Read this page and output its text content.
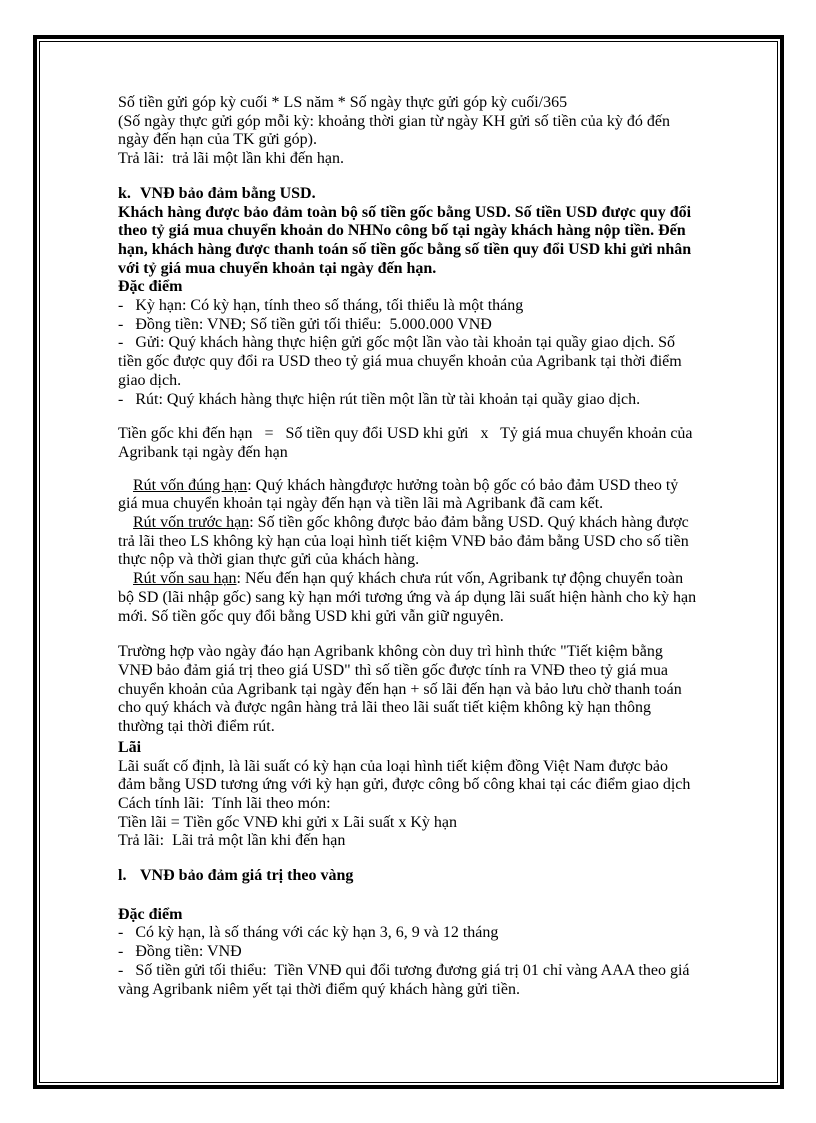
Số tiền gửi góp kỳ cuối * LS năm * Số ngày thực gửi góp kỳ cuối/365

(Số ngày thực gửi góp mỗi kỳ: khoảng thời gian từ ngày KH gửi số tiền của kỳ đó đến ngày đến hạn của TK gửi góp).

Trả lãi:  trả lãi một lần khi đến hạn.

k. VNĐ bảo đảm bằng USD.

Khách hàng được bảo đảm toàn bộ số tiền gốc bằng USD. Số tiền USD được quy đổi theo tỷ giá mua chuyển khoản do NHNo công bố tại ngày khách hàng nộp tiền. Đến hạn, khách hàng được thanh toán số tiền gốc bằng số tiền quy đổi USD khi gửi nhân với tỷ giá mua chuyển khoản tại ngày đến hạn.

Đặc điểm

-   Kỳ hạn: Có kỳ hạn, tính theo số tháng, tối thiểu là một tháng

-   Đồng tiền: VNĐ; Số tiền gửi tối thiểu:  5.000.000 VNĐ

-   Gửi: Quý khách hàng thực hiện gửi gốc một lần vào tài khoản tại quầy giao dịch. Số tiền gốc được quy đổi ra USD theo tỷ giá mua chuyển khoản của Agribank tại thời điểm giao dịch.

-   Rút: Quý khách hàng thực hiện rút tiền một lần từ tài khoản tại quầy giao dịch.

Tiền gốc khi đến hạn   =   Số tiền quy đổi USD khi gửi   x   Tỷ giá mua chuyển khoản của Agribank tại ngày đến hạn

Rút vốn đúng hạn: Quý khách hàngđược hưởng toàn bộ gốc có bảo đảm USD theo tỷ giá mua chuyển khoản tại ngày đến hạn và tiền lãi mà Agribank đã cam kết.

Rút vốn trước hạn: Số tiền gốc không được bảo đảm bằng USD. Quý khách hàng được trả lãi theo LS không kỳ hạn của loại hình tiết kiệm VNĐ bảo đảm bằng USD cho số tiền thực nộp và thời gian thực gửi của khách hàng.

Rút vốn sau hạn: Nếu đến hạn quý khách chưa rút vốn, Agribank tự động chuyển toàn bộ SD (lãi nhập gốc) sang kỳ hạn mới tương ứng và áp dụng lãi suất hiện hành cho kỳ hạn mới. Số tiền gốc quy đổi bằng USD khi gửi vẫn giữ nguyên.

Trường hợp vào ngày đáo hạn Agribank không còn duy trì hình thức "Tiết kiệm bằng VNĐ bảo đảm giá trị theo giá USD" thì số tiền gốc được tính ra VNĐ theo tỷ giá mua chuyển khoản của Agribank tại ngày đến hạn + số lãi đến hạn và bảo lưu chờ thanh toán cho quý khách và được ngân hàng trả lãi theo lãi suất tiết kiệm không kỳ hạn thông thường tại thời điểm rút.

Lãi

Lãi suất cố định, là lãi suất có kỳ hạn của loại hình tiết kiệm đồng Việt Nam được bảo đảm bằng USD tương ứng với kỳ hạn gửi, được công bố công khai tại các điểm giao dịch

Cách tính lãi:  Tính lãi theo món:

Tiền lãi = Tiền gốc VNĐ khi gửi x Lãi suất x Kỳ hạn

Trả lãi:  Lãi trả một lần khi đến hạn

l. VNĐ bảo đảm giá trị theo vàng

Đặc điểm

-   Có kỳ hạn, là số tháng với các kỳ hạn 3, 6, 9 và 12 tháng

-   Đồng tiền: VNĐ

-   Số tiền gửi tối thiểu:  Tiền VNĐ qui đổi tương đương giá trị 01 chỉ vàng AAA theo giá vàng Agribank niêm yết tại thời điểm quý khách hàng gửi tiền.
